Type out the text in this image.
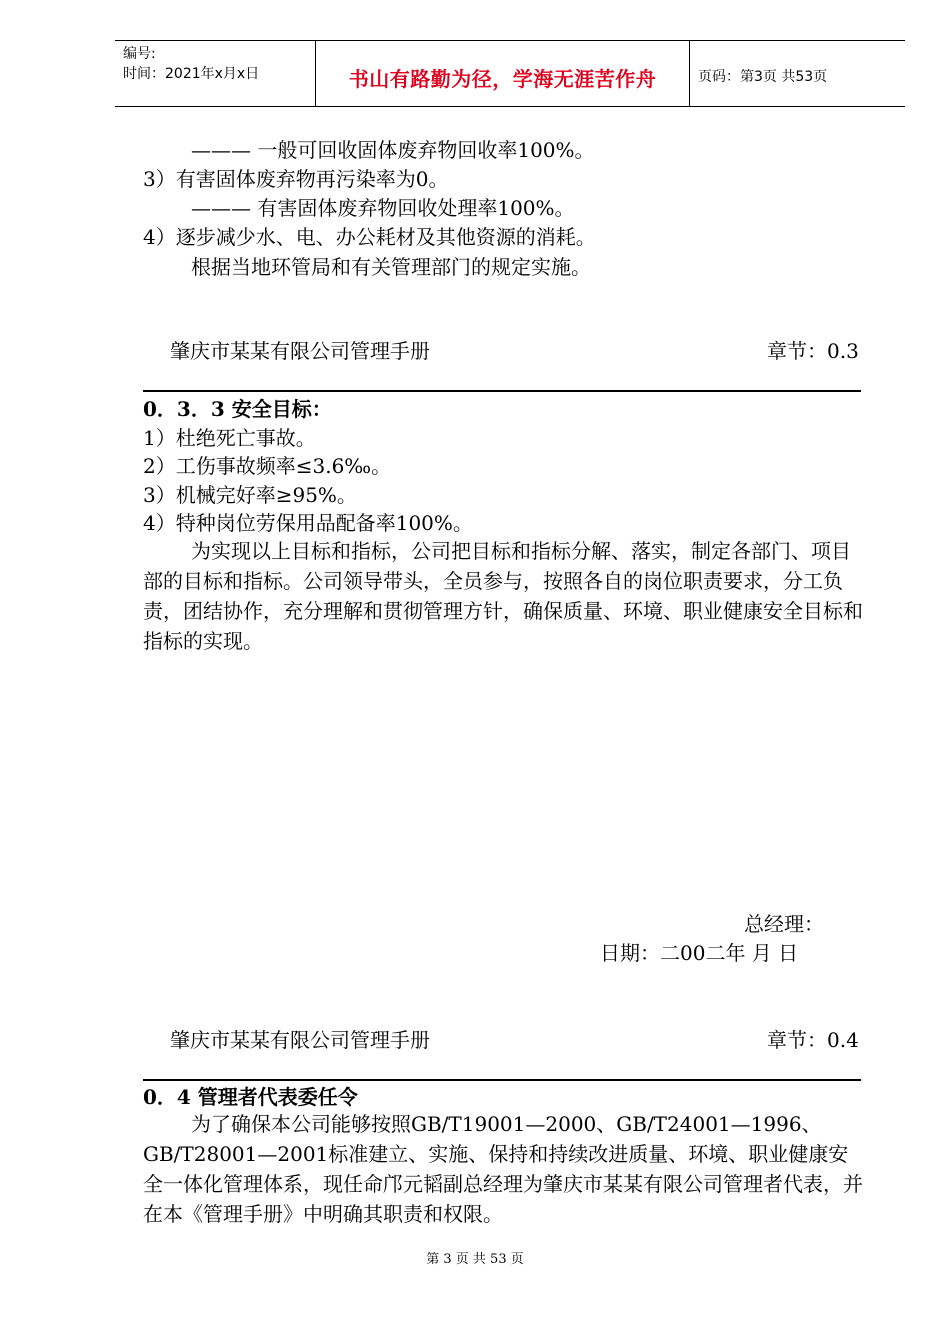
编号:
时间：2021年x月x日	书山有路勤为径，学海无涯苦作舟	页码：第3页 共53页
——— 一般可回收固体废弃物回收率100%。
3）有害固体废弃物再污染率为0。
——— 有害固体废弃物回收处理率100%。
4）逐步减少水、电、办公耗材及其他资源的消耗。
根据当地环管局和有关管理部门的规定实施。
肇庆市某某有限公司管理手册	章节：0.3
0．3．3 安全目标：
1）杜绝死亡事故。
2）工伤事故频率≤3.6‰。
3）机械完好率≥95%。
4）特种岗位劳保用品配备率100%。
为实现以上目标和指标，公司把目标和指标分解、落实，制定各部门、项目部的目标和指标。公司领导带头，全员参与，按照各自的岗位职责要求，分工负责，团结协作，充分理解和贯彻管理方针，确保质量、环境、职业健康安全目标和指标的实现。
总经理：
日期：二00二年 月 日
肇庆市某某有限公司管理手册	章节：0.4
0．4 管理者代表委任令
为了确保本公司能够按照GB/T19001—2000、GB/T24001—1996、GB/T28001—2001标准建立、实施、保持和持续改进质量、环境、职业健康安全一体化管理体系，现任命邝元韬副总经理为肇庆市某某有限公司管理者代表，并在本《管理手册》中明确其职责和权限。
第 3 页 共 53 页
